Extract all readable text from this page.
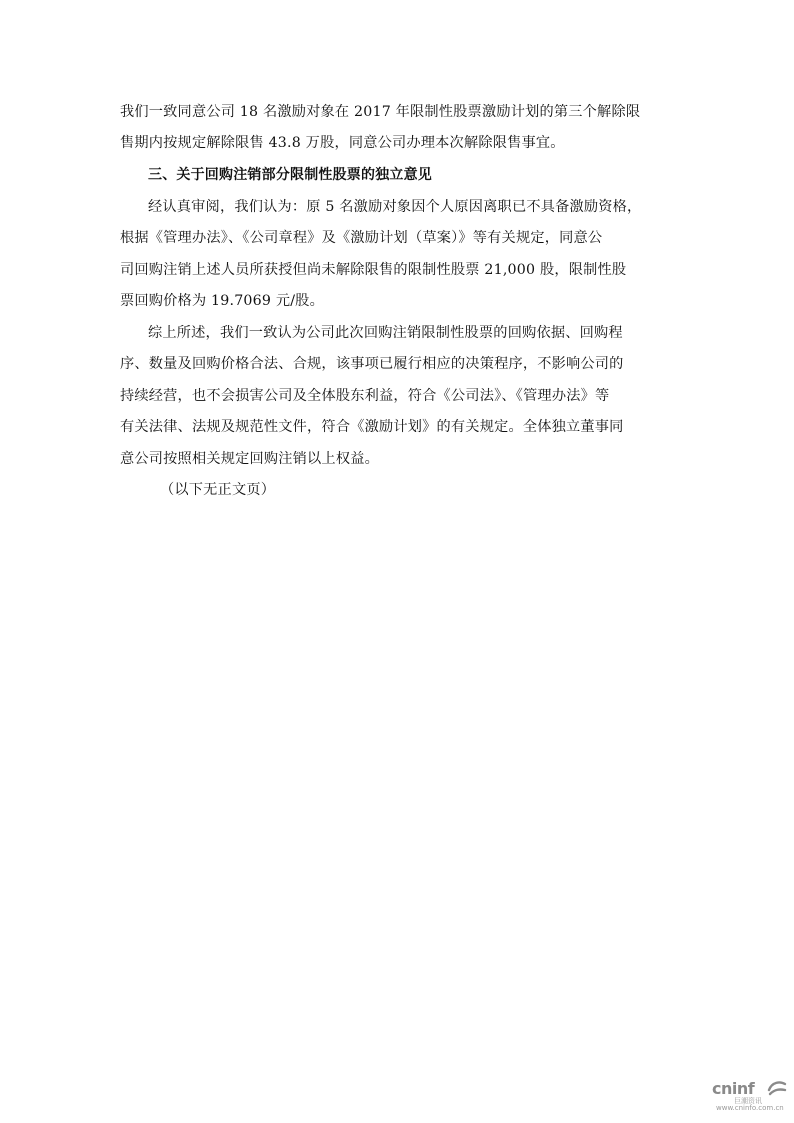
我们一致同意公司 18 名激励对象在 2017 年限制性股票激励计划的第三个解除限
售期内按规定解除限售 43.8 万股，同意公司办理本次解除限售事宜。
三、关于回购注销部分限制性股票的独立意见
经认真审阅，我们认为：原 5 名激励对象因个人原因离职已不具备激励资格，
根据《管理办法》、《公司章程》及《激励计划（草案）》等有关规定，同意公
司回购注销上述人员所获授但尚未解除限售的限制性股票 21,000 股，限制性股
票回购价格为 19.7069 元/股。
综上所述，我们一致认为公司此次回购注销限制性股票的回购依据、回购程
序、数量及回购价格合法、合规，该事项已履行相应的决策程序，不影响公司的
持续经营，也不会损害公司及全体股东利益，符合《公司法》、《管理办法》等
有关法律、法规及规范性文件，符合《激励计划》的有关规定。全体独立董事同
意公司按照相关规定回购注销以上权益。
（以下无正文页）
cninf
巨潮资讯
www.cninfo.com.cn
